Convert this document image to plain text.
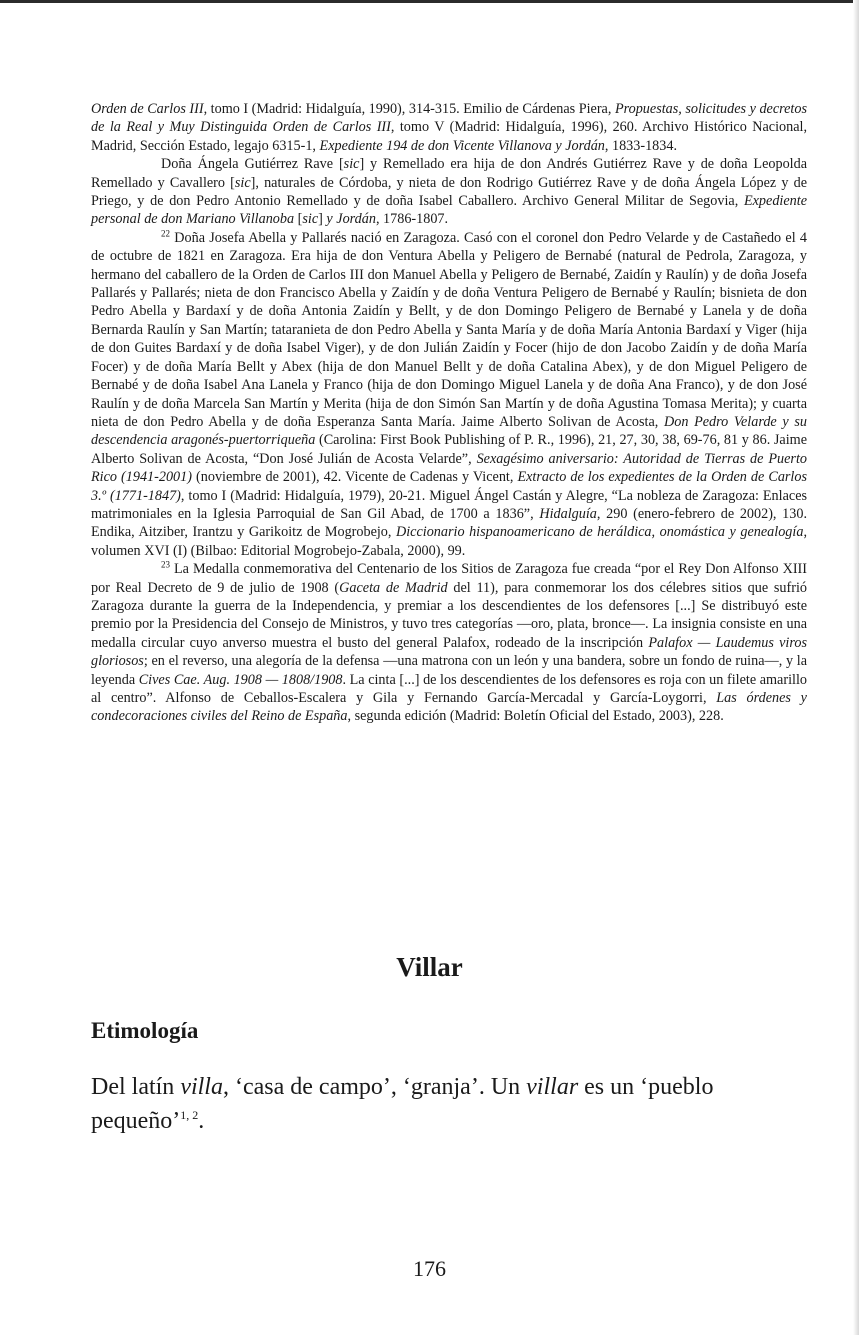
Orden de Carlos III, tomo I (Madrid: Hidalguía, 1990), 314-315. Emilio de Cárdenas Piera, Propuestas, solicitudes y decretos de la Real y Muy Distinguida Orden de Carlos III, tomo V (Madrid: Hidalguía, 1996), 260. Archivo Histórico Nacional, Madrid, Sección Estado, legajo 6315-1, Expediente 194 de don Vicente Villanova y Jordán, 1833-1834.

Doña Ángela Gutiérrez Rave [sic] y Remellado era hija de don Andrés Gutiérrez Rave y de doña Leopolda Remellado y Cavallero [sic], naturales de Córdoba, y nieta de don Rodrigo Gutiérrez Rave y de doña Ángela López y de Priego, y de don Pedro Antonio Remellado y de doña Isabel Caballero. Archivo General Militar de Segovia, Expediente personal de don Mariano Villanoba [sic] y Jordán, 1786-1807.

$^{22}$ Doña Josefa Abella y Pallarés nació en Zaragoza. Casó con el coronel don Pedro Velarde y de Castañedo el 4 de octubre de 1821 en Zaragoza. Era hija de don Ventura Abella y Peligero de Bernabé (natural de Pedrola, Zaragoza, y hermano del caballero de la Orden de Carlos III don Manuel Abella y Peligero de Bernabé, Zaidín y Raulín) y de doña Josefa Pallarés y Pallarés; nieta de don Francisco Abella y Zaidín y de doña Ventura Peligero de Bernabé y Raulín; bisnieta de don Pedro Abella y Bardaxí y de doña Antonia Zaidín y Bellt, y de don Domingo Peligero de Bernabé y Lanela y de doña Bernarda Raulín y San Martín; tataranieta de don Pedro Abella y Santa María y de doña María Antonia Bardaxí y Viger (hija de don Guites Bardaxí y de doña Isabel Viger), y de don Julián Zaidín y Focer (hijo de don Jacobo Zaidín y de doña María Focer) y de doña María Bellt y Abex (hija de don Manuel Bellt y de doña Catalina Abex), y de don Miguel Peligero de Bernabé y de doña Isabel Ana Lanela y Franco (hija de don Domingo Miguel Lanela y de doña Ana Franco), y de don José Raulín y de doña Marcela San Martín y Merita (hija de don Simón San Martín y de doña Agustina Tomasa Merita); y cuarta nieta de don Pedro Abella y de doña Esperanza Santa María. Jaime Alberto Solivan de Acosta, Don Pedro Velarde y su descendencia aragonés-puertorriqueña (Carolina: First Book Publishing of P. R., 1996), 21, 27, 30, 38, 69-76, 81 y 86. Jaime Alberto Solivan de Acosta, “Don José Julián de Acosta Velarde”, Sexagésimo aniversario: Autoridad de Tierras de Puerto Rico (1941-2001) (noviembre de 2001), 42. Vicente de Cadenas y Vicent, Extracto de los expedientes de la Orden de Carlos 3.º (1771-1847), tomo I (Madrid: Hidalguía, 1979), 20-21. Miguel Ángel Castán y Alegre, “La nobleza de Zaragoza: Enlaces matrimoniales en la Iglesia Parroquial de San Gil Abad, de 1700 a 1836”, Hidalguía, 290 (enero-febrero de 2002), 130. Endika, Aitziber, Irantzu y Garikoitz de Mogrobejo, Diccionario hispanoamericano de heráldica, onomástica y genealogía, volumen XVI (I) (Bilbao: Editorial Mogrobejo-Zabala, 2000), 99.

$^{23}$ La Medalla conmemorativa del Centenario de los Sitios de Zaragoza fue creada “por el Rey Don Alfonso XIII por Real Decreto de 9 de julio de 1908 (Gaceta de Madrid del 11), para conmemorar los dos célebres sitios que sufrió Zaragoza durante la guerra de la Independencia, y premiar a los descendientes de los defensores [...] Se distribuyó este premio por la Presidencia del Consejo de Ministros, y tuvo tres categorías —oro, plata, bronce—. La insignia consiste en una medalla circular cuyo anverso muestra el busto del general Palafox, rodeado de la inscripción Palafox — Laudemus viros gloriosos; en el reverso, una alegoría de la defensa —una matrona con un león y una bandera, sobre un fondo de ruina—, y la leyenda Cives Cae. Aug. 1908 — 1808/1908. La cinta [...] de los descendientes de los defensores es roja con un filete amarillo al centro”. Alfonso de Ceballos-Escalera y Gila y Fernando García-Mercadal y García-Loygorri, Las órdenes y condecoraciones civiles del Reino de España, segunda edición (Madrid: Boletín Oficial del Estado, 2003), 228.

Villar
Etimología

Del latín villa, ‘casa de campo’, ‘granja’. Un villar es un ‘pueblo pequeño’$^{1, 2}$.

176
